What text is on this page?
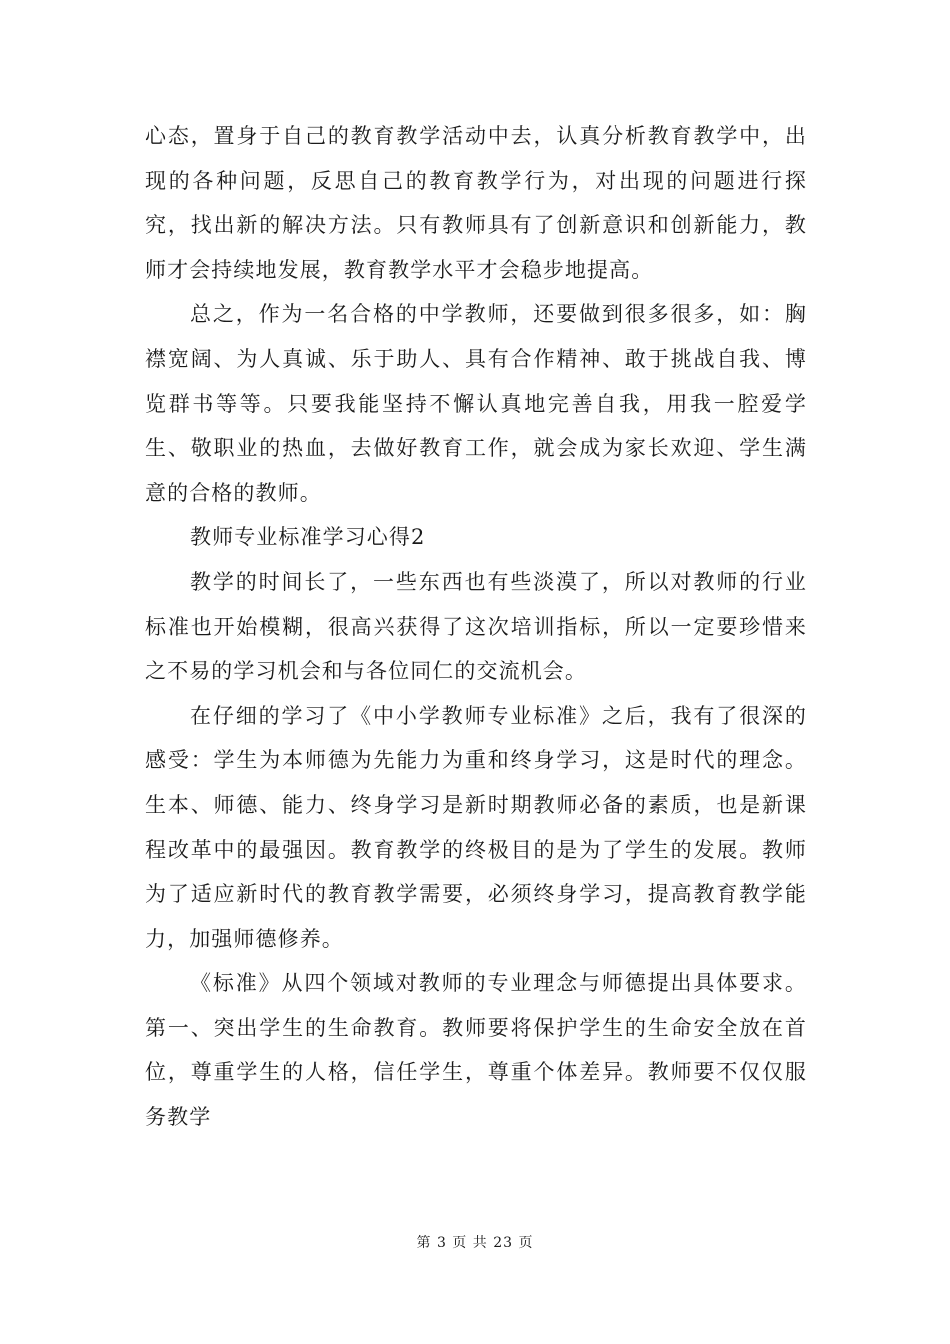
心态，置身于自己的教育教学活动中去，认真分析教育教学中，出现的各种问题，反思自己的教育教学行为，对出现的问题进行探究，找出新的解决方法。只有教师具有了创新意识和创新能力，教师才会持续地发展，教育教学水平才会稳步地提高。

总之，作为一名合格的中学教师，还要做到很多很多，如：胸襟宽阔、为人真诚、乐于助人、具有合作精神、敢于挑战自我、博览群书等等。只要我能坚持不懈认真地完善自我，用我一腔爱学生、敬职业的热血，去做好教育工作，就会成为家长欢迎、学生满意的合格的教师。

教师专业标准学习心得2

教学的时间长了，一些东西也有些淡漠了，所以对教师的行业标准也开始模糊，很高兴获得了这次培训指标，所以一定要珍惜来之不易的学习机会和与各位同仁的交流机会。

在仔细的学习了《中小学教师专业标准》之后，我有了很深的感受：学生为本师德为先能力为重和终身学习，这是时代的理念。生本、师德、能力、终身学习是新时期教师必备的素质，也是新课程改革中的最强因。教育教学的终极目的是为了学生的发展。教师为了适应新时代的教育教学需要，必须终身学习，提高教育教学能力，加强师德修养。

《标准》从四个领域对教师的专业理念与师德提出具体要求。第一、突出学生的生命教育。教师要将保护学生的生命安全放在首位，尊重学生的人格，信任学生，尊重个体差异。教师要不仅仅服务教学

第 3 页 共 23 页
